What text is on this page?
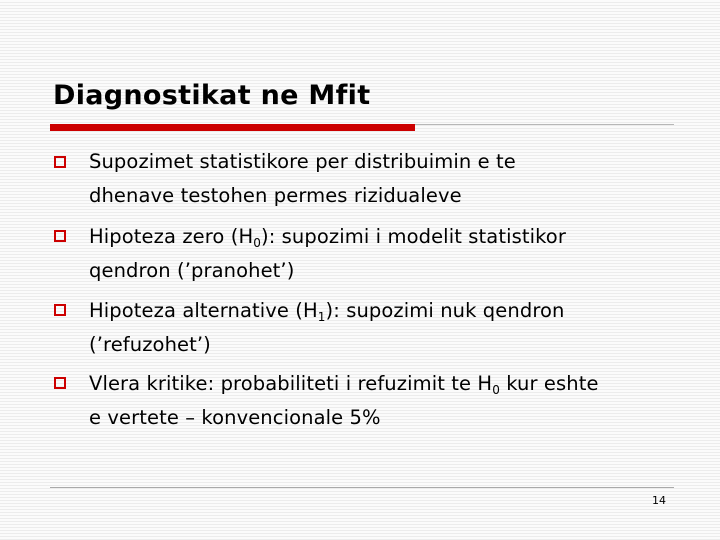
Diagnostikat ne Mfit
Supozimet statistikore per distribuimin e te
dhenave testohen permes rizidualeve
Hipoteza zero $(H_0)$: supozimi i modelit statistikor
qendron (’pranohet’)
Hipoteza alternative $(H_1)$: supozimi nuk qendron
(’refuzohet’)
Vlera kritike: probabiliteti i refuzimit te $H_0$ kur eshte
e vertete – konvencionale 5%
14
